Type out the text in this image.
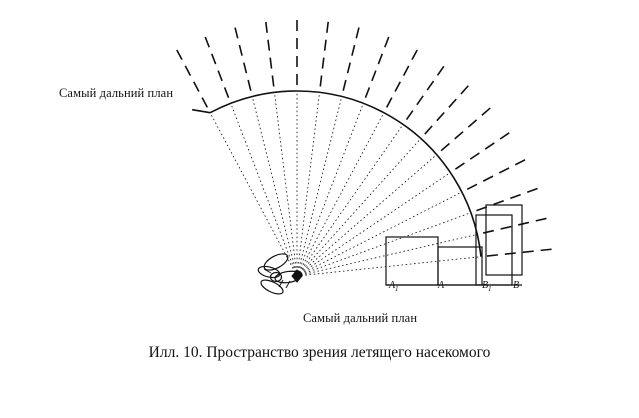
A 1	A	B 1 B
Самый дальний план
Самый дальний план
Илл. 10. Пространство зрения летящего насекомого
